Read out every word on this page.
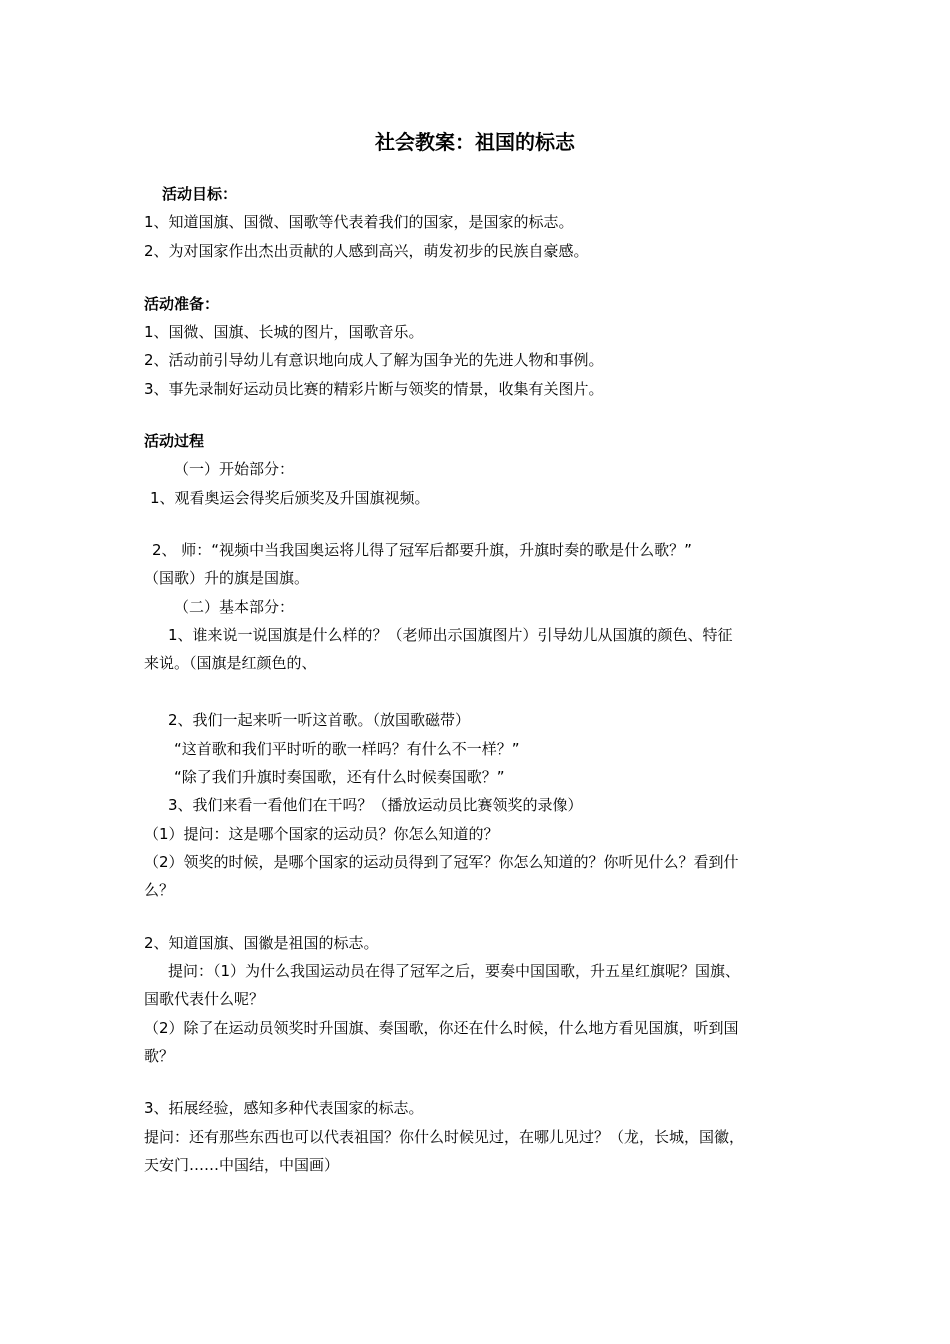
社会教案：祖国的标志
活动目标：
1、知道国旗、国微、国歌等代表着我们的国家，是国家的标志。
2、为对国家作出杰出贡献的人感到高兴，萌发初步的民族自豪感。
活动准备：
1、国微、国旗、长城的图片，国歌音乐。
2、活动前引导幼儿有意识地向成人了解为国争光的先进人物和事例。
3、事先录制好运动员比赛的精彩片断与领奖的情景，收集有关图片。
活动过程
（一）开始部分：
1、观看奥运会得奖后颁奖及升国旗视频。
2、 师：“视频中当我国奥运将儿得了冠军后都要升旗，升旗时奏的歌是什么歌？”
（国歌）升的旗是国旗。
（二）基本部分：
1、谁来说一说国旗是什么样的？（老师出示国旗图片）引导幼儿从国旗的颜色、特征
来说。（国旗是红颜色的、
2、我们一起来听一听这首歌。（放国歌磁带）
“这首歌和我们平时听的歌一样吗？有什么不一样？”
“除了我们升旗时奏国歌，还有什么时候奏国歌？”
3、我们来看一看他们在干吗？（播放运动员比赛领奖的录像）
（1）提问：这是哪个国家的运动员？你怎么知道的？
（2）领奖的时候，是哪个国家的运动员得到了冠军？你怎么知道的？你听见什么？看到什
么？
2、知道国旗、国徽是祖国的标志。
提问：（1）为什么我国运动员在得了冠军之后，要奏中国国歌，升五星红旗呢？国旗、
国歌代表什么呢？
（2）除了在运动员领奖时升国旗、奏国歌，你还在什么时候，什么地方看见国旗，听到国
歌？
3、拓展经验，感知多种代表国家的标志。
提问：还有那些东西也可以代表祖国？你什么时候见过，在哪儿见过？（龙，长城，国徽，
天安门……中国结，中国画）
